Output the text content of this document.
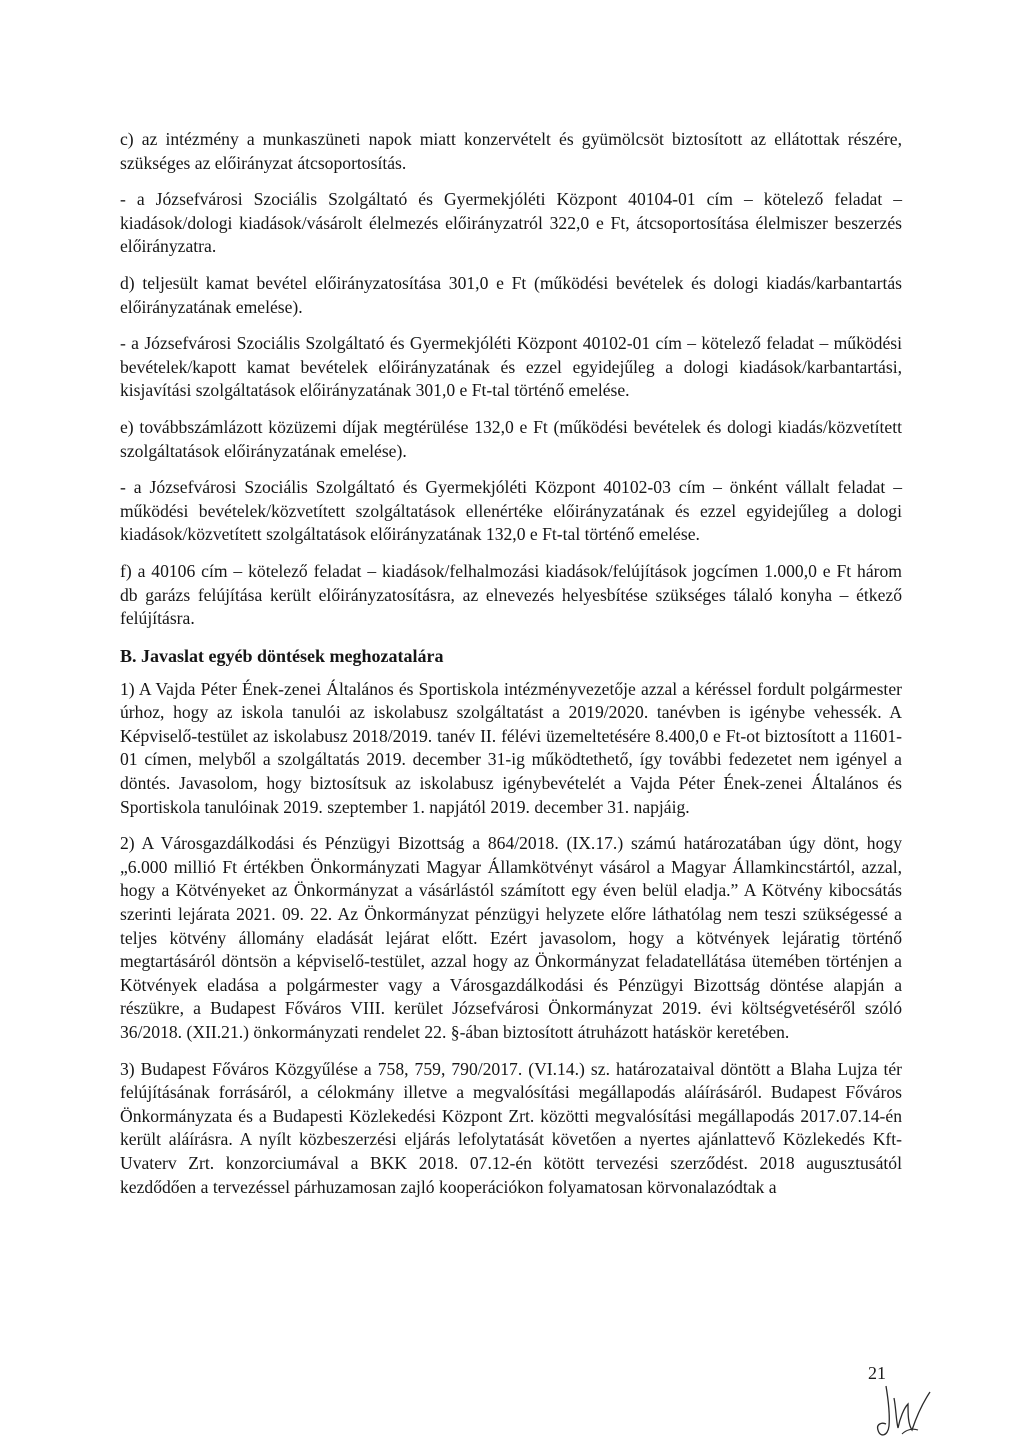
c) az intézmény a munkaszüneti napok miatt konzervételt és gyümölcsöt biztosított az ellátottak részére, szükséges az előirányzat átcsoportosítás.

- a Józsefvárosi Szociális Szolgáltató és Gyermekjóléti Központ 40104-01 cím – kötelező feladat – kiadások/dologi kiadások/vásárolt élelmezés előirányzatról 322,0 e Ft, átcsoportosítása élelmiszer beszerzés előirányzatra.

d) teljesült kamat bevétel előirányzatosítása 301,0 e Ft (működési bevételek és dologi kiadás/karbantartás előirányzatának emelése).

- a Józsefvárosi Szociális Szolgáltató és Gyermekjóléti Központ 40102-01 cím – kötelező feladat – működési bevételek/kapott kamat bevételek előirányzatának és ezzel egyidejűleg a dologi kiadások/karbantartási, kisjavítási szolgáltatások előirányzatának 301,0 e Ft-tal történő emelése.

e) továbbszámlázott közüzemi díjak megtérülése 132,0 e Ft (működési bevételek és dologi kiadás/közvetített szolgáltatások előirányzatának emelése).

- a Józsefvárosi Szociális Szolgáltató és Gyermekjóléti Központ 40102-03 cím – önként vállalt feladat – működési bevételek/közvetített szolgáltatások ellenértéke előirányzatának és ezzel egyidejűleg a dologi kiadások/közvetített szolgáltatások előirányzatának 132,0 e Ft-tal történő emelése.

f) a 40106 cím – kötelező feladat – kiadások/felhalmozási kiadások/felújítások jogcímen 1.000,0 e Ft három db garázs felújítása került előirányzatosításra, az elnevezés helyesbítése szükséges tálaló konyha – étkező felújításra.

B. Javaslat egyéb döntések meghozatalára

1) A Vajda Péter Ének-zenei Általános és Sportiskola intézményvezetője azzal a kéréssel fordult polgármester úrhoz, hogy az iskola tanulói az iskolabusz szolgáltatást a 2019/2020. tanévben is igénybe vehessék. A Képviselő-testület az iskolabusz 2018/2019. tanév II. félévi üzemeltetésére 8.400,0 e Ft-ot biztosított a 11601-01 címen, melyből a szolgáltatás 2019. december 31-ig működtethető, így további fedezetet nem igényel a döntés. Javasolom, hogy biztosítsuk az iskolabusz igénybevételét a Vajda Péter Ének-zenei Általános és Sportiskola tanulóinak 2019. szeptember 1. napjától 2019. december 31. napjáig.

2) A Városgazdálkodási és Pénzügyi Bizottság a 864/2018. (IX.17.) számú határozatában úgy dönt, hogy „6.000 millió Ft értékben Önkormányzati Magyar Államkötvényt vásárol a Magyar Államkincstártól, azzal, hogy a Kötvényeket az Önkormányzat a vásárlástól számított egy éven belül eladja.” A Kötvény kibocsátás szerinti lejárata 2021. 09. 22. Az Önkormányzat pénzügyi helyzete előre láthatólag nem teszi szükségessé a teljes kötvény állomány eladását lejárat előtt. Ezért javasolom, hogy a kötvények lejáratig történő megtartásáról döntsön a képviselő-testület, azzal hogy az Önkormányzat feladatellátása ütemében történjen a Kötvények eladása a polgármester vagy a Városgazdálkodási és Pénzügyi Bizottság döntése alapján a részükre, a Budapest Főváros VIII. kerület Józsefvárosi Önkormányzat 2019. évi költségvetéséről szóló 36/2018. (XII.21.) önkormányzati rendelet 22. §-ában biztosított átruházott hatáskör keretében.

3) Budapest Főváros Közgyűlése a 758, 759, 790/2017. (VI.14.) sz. határozataival döntött a Blaha Lujza tér felújításának forrásáról, a célokmány illetve a megvalósítási megállapodás aláírásáról. Budapest Főváros Önkormányzata és a Budapesti Közlekedési Központ Zrt. közötti megvalósítási megállapodás 2017.07.14-én került aláírásra. A nyílt közbeszerzési eljárás lefolytatását követően a nyertes ajánlattevő Közlekedés Kft-Uvaterv Zrt. konzorciumával a BKK 2018. 07.12-én kötött tervezési szerződést. 2018 augusztusától kezdődően a tervezéssel párhuzamosan zajló kooperációkon folyamatosan körvonalazódtak a

21
